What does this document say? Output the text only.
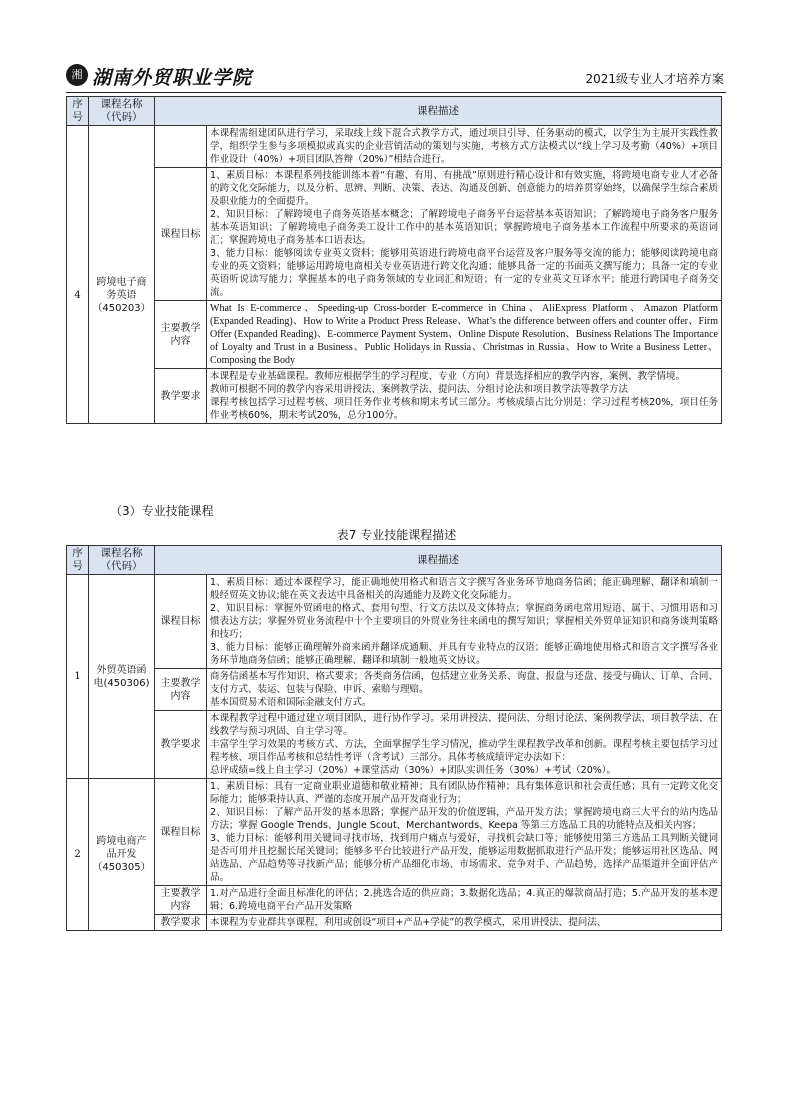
湘 湖南外贸职业学院	2021级专业人才培养方案
序号	课程名称（代码）	课程描述	

			本课程需组建团队进行学习，采取线上线下混合式教学方式，通过项目引导、任务驱动的模式，以学生为主展开实践性教学，组织学生参与多项模拟或真实的企业营销活动的策划与实施，考核方式方法模式以“线上学习及考勤（40%）+项目作业设计（40%）+项目团队答辩（20%）”相结合进行。

4	跨境电子商务英语（450203）	课程目标	1、素质目标：本课程系列技能训练本着“有趣、有用、有挑战”原则进行精心设计和有效实施，将跨境电商专业人才必备的跨文化交际能力，以及分析、思辨、判断、决策、表达、沟通及创新、创意能力的培养贯穿始终，以确保学生综合素质及职业能力的全面提升。

2、知识目标：了解跨境电子商务英语基本概念；了解跨境电子商务平台运营基本英语知识；了解跨境电子商务客户服务基本英语知识；了解跨境电子商务美工设计工作中的基本英语知识；掌握跨境电子商务基本工作流程中所要求的英语词汇；掌握跨境电子商务基本口语表达。

3、能力目标：能够阅读专业英文资料；能够用英语进行跨境电商平台运营及客户服务等交流的能力；能够阅读跨境电商专业的英文资料；能够运用跨境电商相关专业英语进行跨文化沟通；能够具备一定的书面英文撰写能力；具备一定的专业英语听说读写能力；掌握基本的电子商务领域的专业词汇和短语；有一定的专业英文互译水平；能进行跨国电子商务交流。

		主要教学内容	What Is E-commerce、Speeding-up Cross-border E-commerce in China、AliExpress Platform、Amazon Platform (Expanded Reading)、How to Write a Product Press Release、What’s the difference between offers and counter offer、Firm Offer (Expanded Reading)、E-commerce Payment System、Online Dispute Resolution、Business Relations The Importance of Loyalty and Trust in a Business、Public Holidays in Russia、Christmas in Russia、How to Write a Business Letter、Composing the Body

		教学要求	本课程是专业基础课程。教师应根据学生的学习程度、专业（方向）背景选择相应的教学内容，案例、教学情境。

教师可根据不同的教学内容采用讲授法、案例教学法、提问法、分组讨论法和项目教学法等教学方法

课程考核包括学习过程考核、项目任务作业考核和期末考试三部分。考核成绩占比分别是：学习过程考核20%，项目任务作业考核60%，期末考试20%，总分100分。

（3）专业技能课程
表7 专业技能课程描述
序号	课程名称（代码）	课程描述	
1	外贸英语函电(450306)	课程目标	1、素质目标：通过本课程学习，能正确地使用格式和语言文字撰写各业务环节地商务信函；能正确理解、翻译和填制一般经贸英文协议;能在英文表达中具备相关的沟通能力及跨文化交际能力。

2、知识目标：掌握外贸函电的格式、套用句型、行文方法以及文体特点；掌握商务函电常用短语、属于、习惯用语和习惯表达方法；掌握外贸业务流程中十个主要项目的外贸业务往来函电的撰写知识；掌握相关外贸单证知识和商务谈判策略和技巧；

3、能力目标：能够正确理解外商来函并翻译成通顺、并具有专业特点的汉语；能够正确地使用格式和语言文字撰写各业务环节地商务信函；能够正确理解、翻译和填制一般地英文协议。

		主要教学内容	商务信函基本写作知识、格式要求；各类商务信函，包括建立业务关系、询盘、报盘与还盘、接受与确认、订单、合同、支付方式、装运、包装与保险、申诉、索赔与理赔。

基本国贸易术语和国际金融支付方式。

		教学要求	本课程教学过程中通过建立项目团队，进行协作学习。采用讲授法、提问法、分组讨论法、案例教学法、项目教学法、在线教学与预习巩固、自主学习等。

丰富学生学习效果的考核方式、方法，全面掌握学生学习情况，推动学生课程教学改革和创新。课程考核主要包括学习过程考核、项目作品考核和总结性考评（含考试）三部分。具体考核成绩评定办法如下：

总评成绩=线上自主学习（20%）+课堂活动（30%）+团队实训任务（30%）+考试（20%）。

2	跨境电商产品开发（450305）	课程目标	1、素质目标：具有一定商业职业道德和敬业精神；具有团队协作精神；具有集体意识和社会责任感；具有一定跨文化交际能力；能够秉持认真、严谨的态度开展产品开发商业行为；

2、知识目标：了解产品开发的基本思路；掌握产品开发的价值逻辑，产品开发方法；掌握跨境电商三大平台的站内选品方法；掌握 Google Trends、Jungle Scout、Merchantwords、Keepa 等第三方选品工具的功能特点及相关内容；

3、能力目标：能够利用关键词寻找市场，找到用户痛点与爱好，寻找机会缺口等；能够使用第三方选品工具判断关键词是否可用并且挖掘长尾关键词；能够多平台比较进行产品开发，能够运用数据抓取进行产品开发；能够运用社区选品、网站选品、产品趋势等寻找新产品；能够分析产品细化市场、市场需求、竞争对手、产品趋势，选择产品渠道并全面评估产品。

		主要教学内容	1.对产品进行全面且标准化的评估；2.挑选合适的供应商；3.数据化选品；4.真正的爆款商品打造；5.产品开发的基本逻辑；6.跨境电商平台产品开发策略

		教学要求	本课程为专业群共享课程，利用或创设“项目+产品+学徒”的教学模式，采用讲授法、提问法、
